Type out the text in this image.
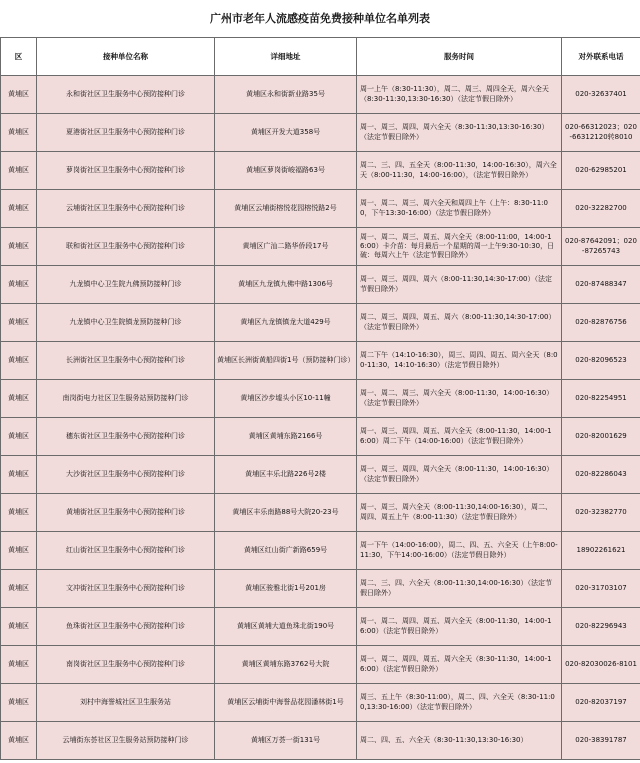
广州市老年人流感疫苗免费接种单位名单列表
区	接种单位名称	详细地址	服务时间	对外联系电话
黄埔区	永和街社区卫生服务中心预防接种门诊	黄埔区永和街新业路35号	周一上午（8:30-11:30），周二、周三、周四全天，周六全天（8:30-11:30,13:30-16:30）（法定节假日除外）	020-32637401
黄埔区	夏港街社区卫生服务中心预防接种门诊	黄埔区开发大道358号	周一、周三、周四、周六全天（8:30-11:30,13:30-16:30）（法定节假日除外）	020-66312023；020-66312120转8010
黄埔区	萝岗街社区卫生服务中心预防接种门诊	黄埔区萝岗街峻福路63号	周二、三、四、五全天（8:00-11:30，14:00-16:30），周六全天（8:00-11:30，14:00-16:00），（法定节假日除外）	020-62985201
黄埔区	云埔街社区卫生服务中心预防接种门诊	黄埔区云埔街榕悦花园榕悦路2号	周一、周二、周三、周六全天和周四上午（上午：8:30-11:00，下午13:30-16:00）（法定节假日除外）	020-32282700
黄埔区	联和街社区卫生服务中心预防接种门诊	黄埔区广汕二路华侨段17号	周一、周二、周三、周五、周六全天（8:00-11:00，14:00-16:00）卡介苗：每月最后一个星期的周一上午9:30-10:30，日破：每周六上午（法定节假日除外）	020-87642091；020-87265743
黄埔区	九龙镇中心卫生院九佛预防接种门诊	黄埔区九龙镇九佛中路1306号	周一、周三、周四、周六（8:00-11:30,14:30-17:00）（法定节假日除外）	020-87488347
黄埔区	九龙镇中心卫生院镇龙预防接种门诊	黄埔区九龙镇镇龙大道429号	周二、周三、周四、周五、周六（8:00-11:30,14:30-17:00）（法定节假日除外）	020-82876756
黄埔区	长洲街社区卫生服务中心预防接种门诊	黄埔区长洲街黄船四街1号（预防接种门诊）	周二下午（14:10-16:30），周三、周四、周五、周六全天（8:00-11:30，14:10-16:30）（法定节假日除外）	020-82096523
黄埔区	南岗街电力社区卫生服务站预防接种门诊	黄埔区沙步墟头小区10-11幢	周一、周二、周三、周六全天（8:00-11:30，14:00-16:30）（法定节假日除外）	020-82254951
黄埔区	穗东街社区卫生服务中心预防接种门诊	黄埔区黄埔东路2166号	周一、周三、周四、周五、周六全天（8:00-11:30，14:00-16:00）周二下午（14:00-16:00）（法定节假日除外）	020-82001629
黄埔区	大沙街社区卫生服务中心预防接种门诊	黄埔区丰乐北路226号2楼	周一、周三、周四、周六全天（8:00-11:30，14:00-16:30）（法定节假日除外）	020-82286043
黄埔区	黄埔街社区卫生服务中心预防接种门诊	黄埔区丰乐南路88号大院20-23号	周一、周三、周六全天（8:00-11:30,14:00-16:30），周二、周四、周五上午（8:00-11:30）（法定节假日除外）	020-32382770
黄埔区	红山街社区卫生服务中心预防接种门诊	黄埔区红山街广新路659号	周一下午（14:00-16:00），周二、四、五、六全天（上午8:00-11:30，下午14:00-16:00）（法定节假日除外）	18902261621
黄埔区	文冲街社区卫生服务中心预防接种门诊	黄埔区骏雅北街1号201房	周二、三、四、六全天（8:00-11:30,14:00-16:30）（法定节假日除外）	020-31703107
黄埔区	鱼珠街社区卫生服务中心预防接种门诊	黄埔区黄埔大道鱼珠北街190号	周一、周二、周四、周五、周六全天（8:00-11:30，14:00-16:00）（法定节假日除外）	020-82296943
黄埔区	南岗街社区卫生服务中心预防接种门诊	黄埔区黄埔东路3762号大院	周一、周二、周四、周五、周六全天（8:30-11:30，14:00-16:00）（法定节假日除外）	020-82030026-8101
黄埔区	刘村中海誉城社区卫生服务站	黄埔区云埔街中海誉品花园潘林街1号	周三、五上午（8:30-11:00），周二、四、六全天（8:30-11:00,13:30-16:00）（法定节假日除外）	020-82037197
黄埔区	云埔街东荟社区卫生服务站预防接种门诊	黄埔区万荟一街131号	周二、四、五、六全天（8:30-11:30,13:30-16:30）	020-38391787
